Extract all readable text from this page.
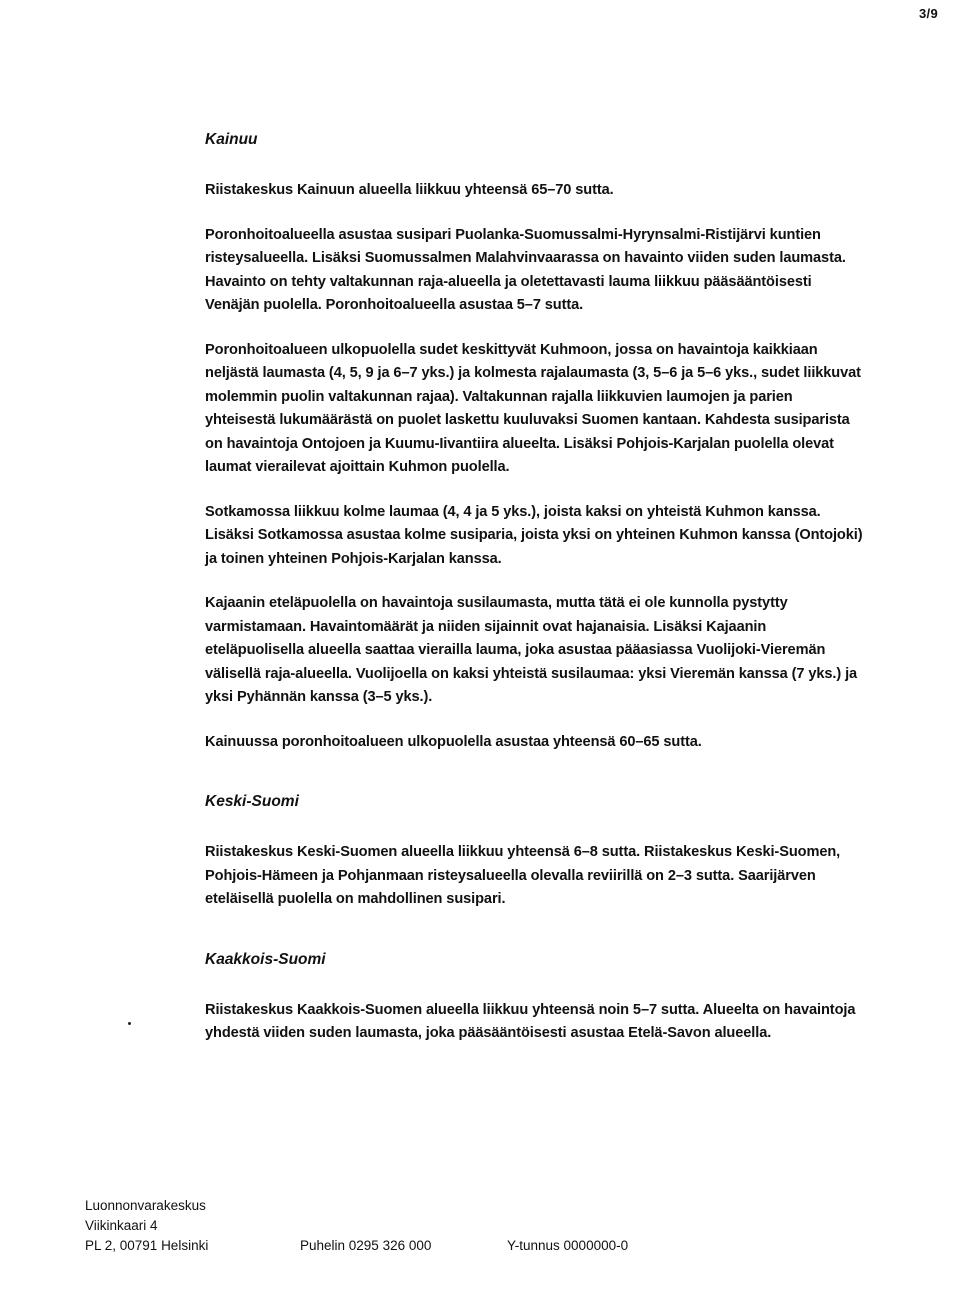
3/9
Kainuu

Riistakeskus Kainuun alueella liikkuu yhteensä 65–70 sutta.

Poronhoitoalueella asustaa susipari Puolanka-Suomussalmi-Hyrynsalmi-Ristijärvi kuntien risteysalueella. Lisäksi Suomussalmen Malahvinvaarassa on havainto viiden suden laumasta. Havainto on tehty valtakunnan raja-alueella ja oletettavasti lauma liikkuu pääsääntöisesti Venäjän puolella. Poronhoitoalueella asustaa 5–7 sutta.

Poronhoitoalueen ulkopuolella sudet keskittyvät Kuhmoon, jossa on havaintoja kaikkiaan neljästä laumasta (4, 5, 9 ja 6–7 yks.) ja kolmesta rajalaumasta (3, 5–6 ja 5–6 yks., sudet liikkuvat molemmin puolin valtakunnan rajaa). Valtakunnan rajalla liikkuvien laumojen ja parien yhteisestä lukumäärästä on puolet laskettu kuuluvaksi Suomen kantaan. Kahdesta susiparista on havaintoja Ontojoen ja Kuumu-Iivantiira alueelta. Lisäksi Pohjois-Karjalan puolella olevat laumat vierailevat ajoittain Kuhmon puolella.

Sotkamossa liikkuu kolme laumaa (4, 4 ja 5 yks.), joista kaksi on yhteistä Kuhmon kanssa. Lisäksi Sotkamossa asustaa kolme susiparia, joista yksi on yhteinen Kuhmon kanssa (Ontojoki) ja toinen yhteinen Pohjois-Karjalan kanssa.

Kajaanin eteläpuolella on havaintoja susilaumasta, mutta tätä ei ole kunnolla pystytty varmistamaan. Havaintomäärät ja niiden sijainnit ovat hajanaisia. Lisäksi Kajaanin eteläpuolisella alueella saattaa vierailla lauma, joka asustaa pääasiassa Vuolijoki-Vieremän välisellä raja-alueella. Vuolijoella on kaksi yhteistä susilaumaa: yksi Vieremän kanssa (7 yks.) ja yksi Pyhännän kanssa (3–5 yks.).

Kainuussa poronhoitoalueen ulkopuolella asustaa yhteensä 60–65 sutta.

Keski-Suomi

Riistakeskus Keski-Suomen alueella liikkuu yhteensä 6–8 sutta. Riistakeskus Keski-Suomen, Pohjois-Hämeen ja Pohjanmaan risteysalueella olevalla reviirillä on 2–3 sutta. Saarijärven eteläisellä puolella on mahdollinen susipari.

Kaakkois-Suomi

Riistakeskus Kaakkois-Suomen alueella liikkuu yhteensä noin 5–7 sutta. Alueelta on havaintoja yhdestä viiden suden laumasta, joka pääsääntöisesti asustaa Etelä-Savon alueella.

Luonnonvarakeskus
Viikinkaari 4
PL 2, 00791 Helsinki	Puhelin 0295 326 000	Y-tunnus 0000000-0
